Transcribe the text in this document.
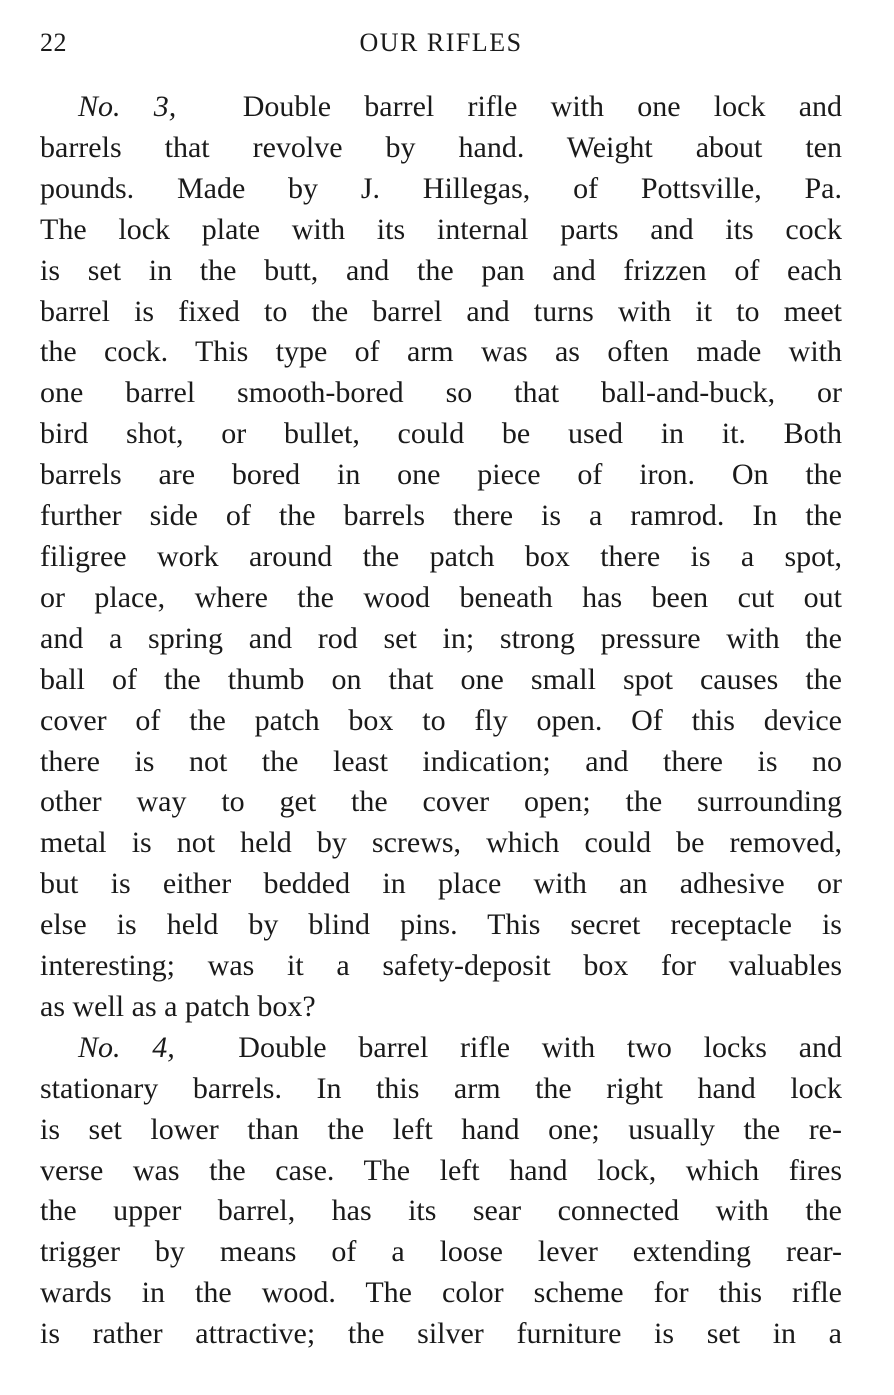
22	OUR RIFLES
No. 3, Double barrel rifle with one lock and
barrels that revolve by hand. Weight about ten
pounds. Made by J. Hillegas, of Pottsville, Pa.
The lock plate with its internal parts and its cock
is set in the butt, and the pan and frizzen of each
barrel is fixed to the barrel and turns with it to meet
the cock. This type of arm was as often made with
one barrel smooth-bored so that ball-and-buck, or
bird shot, or bullet, could be used in it. Both
barrels are bored in one piece of iron. On the
further side of the barrels there is a ramrod. In the
filigree work around the patch box there is a spot,
or place, where the wood beneath has been cut out
and a spring and rod set in; strong pressure with the
ball of the thumb on that one small spot causes the
cover of the patch box to fly open. Of this device
there is not the least indication; and there is no
other way to get the cover open; the surrounding
metal is not held by screws, which could be removed,
but is either bedded in place with an adhesive or
else is held by blind pins. This secret receptacle is
interesting; was it a safety-deposit box for valuables
as well as a patch box?
No. 4, Double barrel rifle with two locks and
stationary barrels. In this arm the right hand lock
is set lower than the left hand one; usually the re-
verse was the case. The left hand lock, which fires
the upper barrel, has its sear connected with the
trigger by means of a loose lever extending rear-
wards in the wood. The color scheme for this rifle
is rather attractive; the silver furniture is set in a
